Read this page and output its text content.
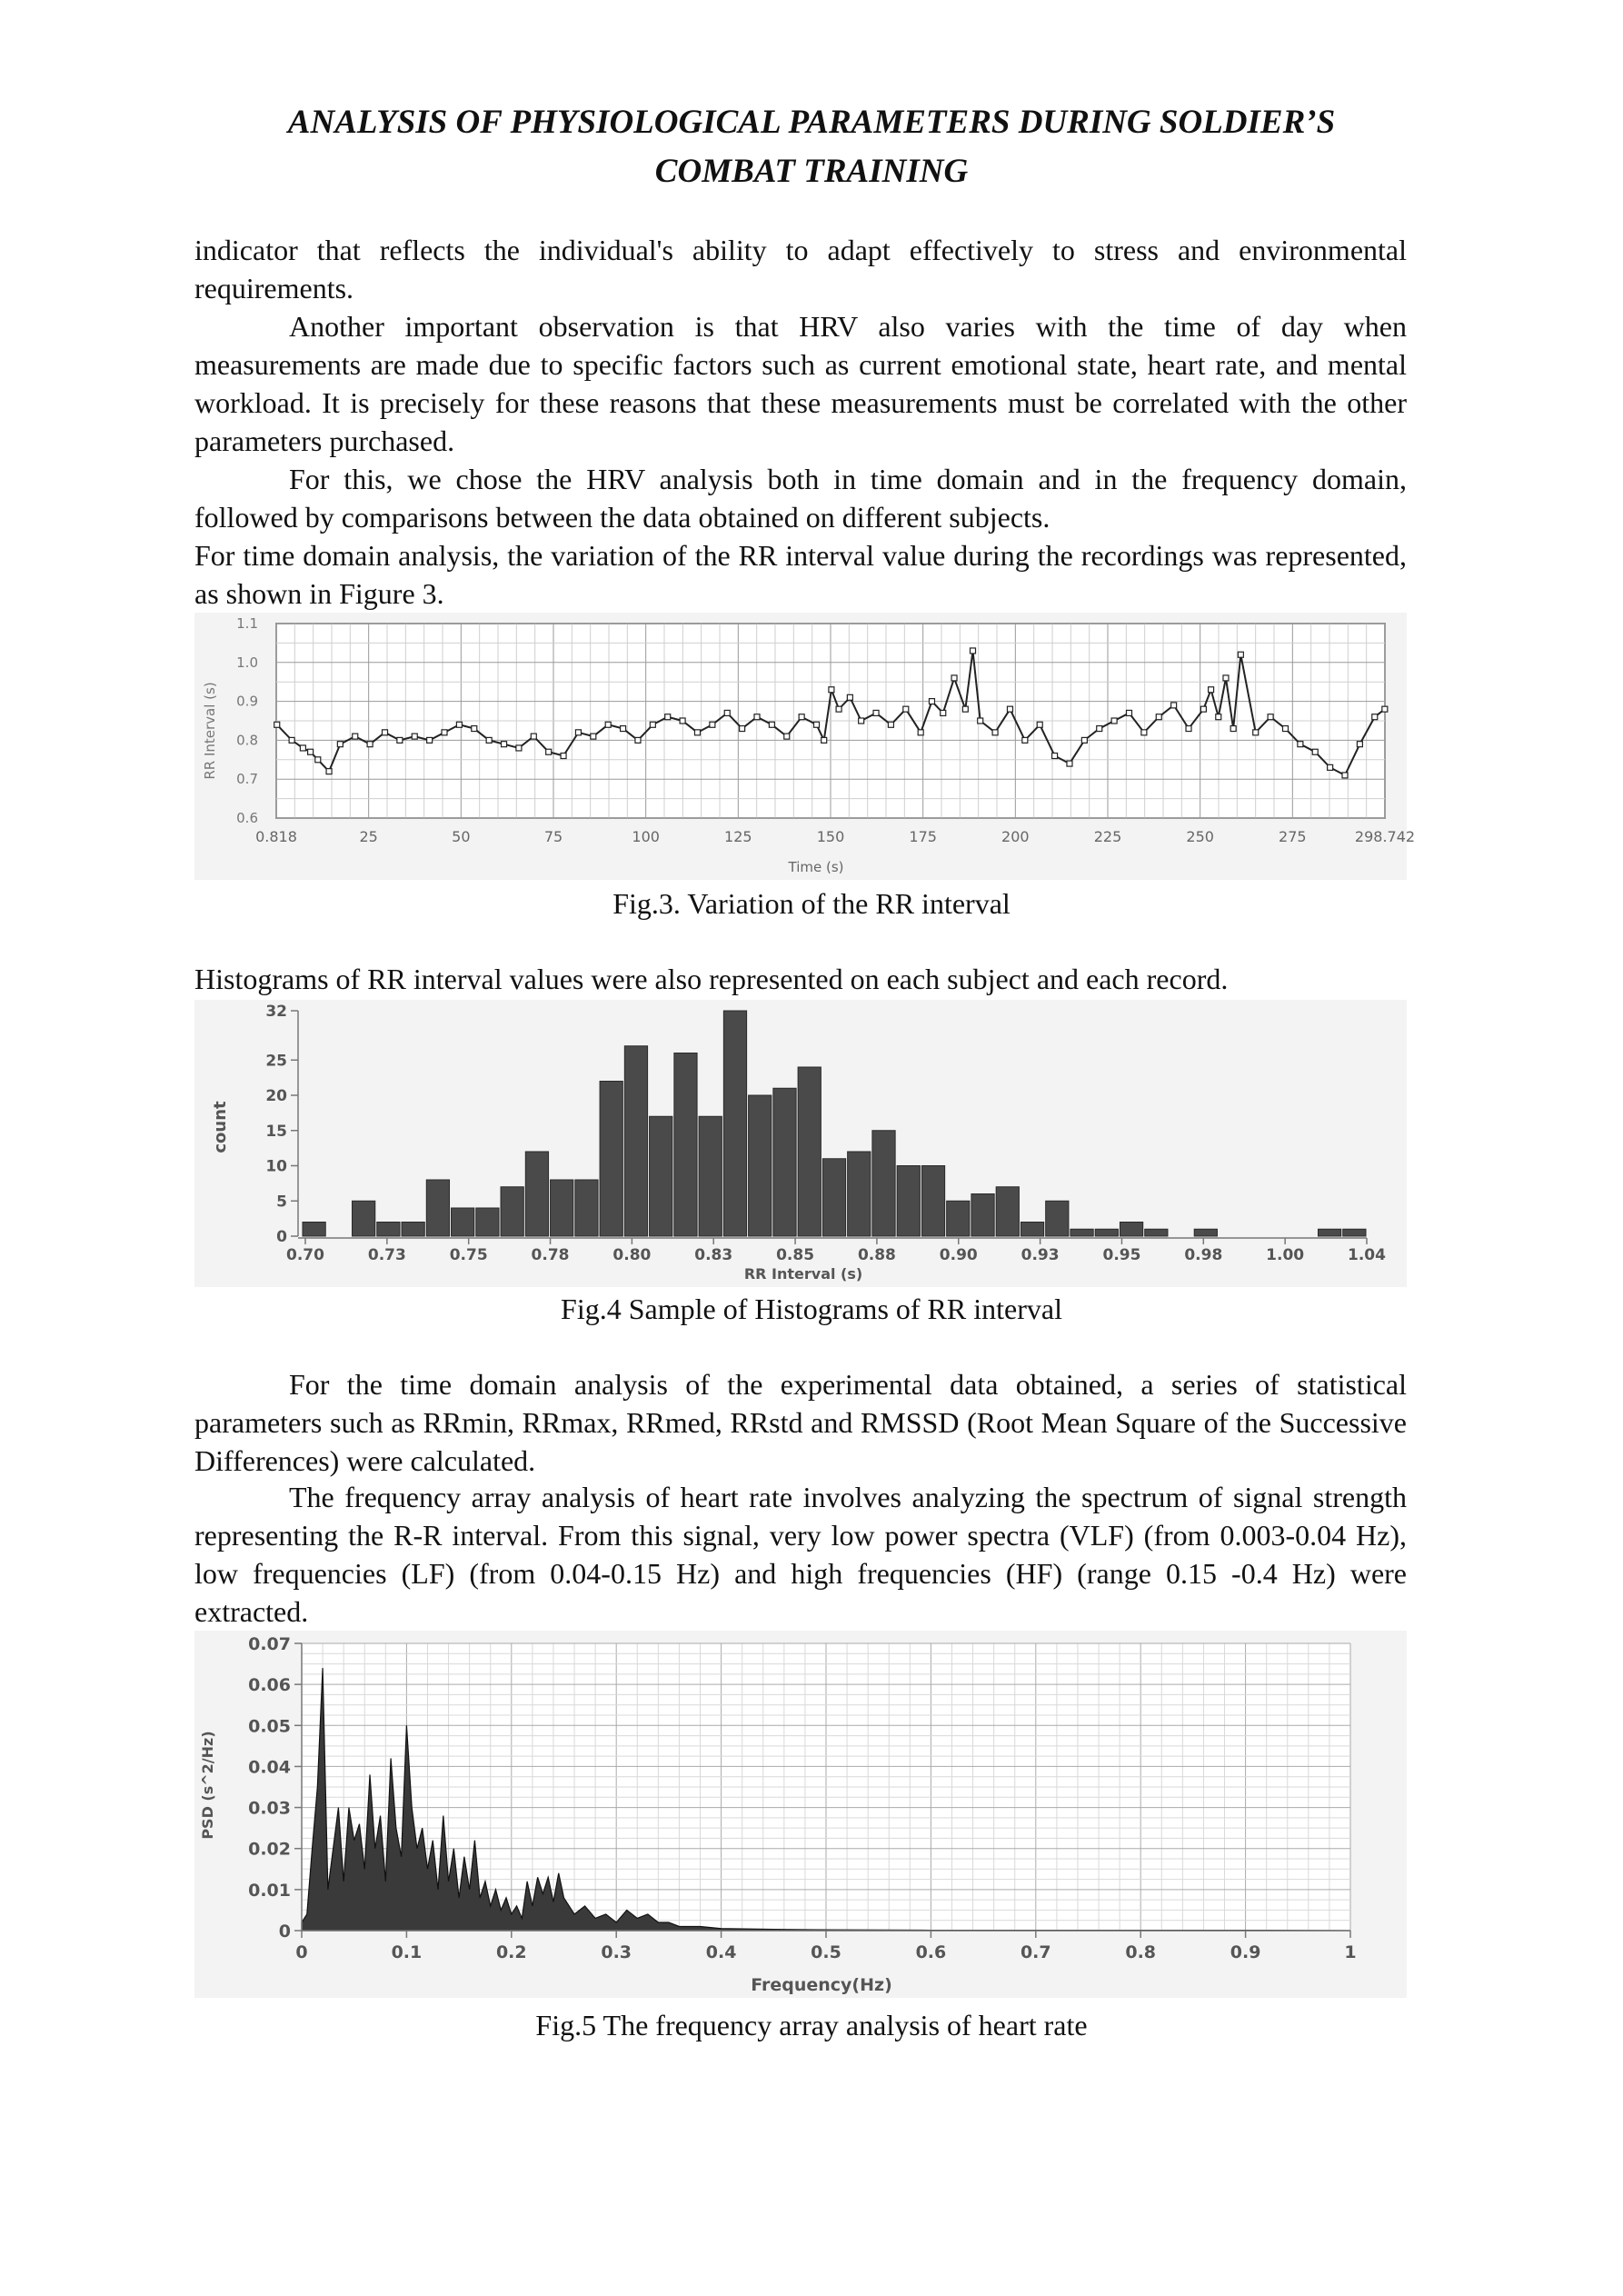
ANALYSIS OF PHYSIOLOGICAL PARAMETERS DURING SOLDIER’S
COMBAT TRAINING

indicator that reflects the individual's ability to adapt effectively to stress and environmental requirements.

Another important observation is that HRV also varies with the time of day when measurements are made due to specific factors such as current emotional state, heart rate, and mental workload. It is precisely for these reasons that these measurements must be correlated with the other parameters purchased.

For this, we chose the HRV analysis both in time domain and in the frequency domain, followed by comparisons between the data obtained on different subjects.

For time domain analysis, the variation of the RR interval value during the recordings was represented, as shown in Figure 3.

0.6
0.7
0.8
0.9
1.0
1.1
0.818	25	50	75	100	125	150	175	200	225	250	275	298.742
Time (s)
RR Interval (s)
Fig.3. Variation of the RR interval

Histograms of RR interval values were also represented on each subject and each record.

0
5
10
15
20
25
32
0.70	0.73	0.75	0.78	0.80	0.83	0.85	0.88	0.90	0.93	0.95	0.98	1.00	1.04
RR Interval (s)
count
Fig.4 Sample of Histograms of RR interval

For the time domain analysis of the experimental data obtained, a series of statistical parameters such as RRmin, RRmax, RRmed, RRstd and RMSSD (Root Mean Square of the Successive Differences) were calculated.

The frequency array analysis of heart rate involves analyzing the spectrum of signal strength representing the R-R interval. From this signal, very low power spectra (VLF) (from 0.003-0.04 Hz), low frequencies (LF) (from 0.04-0.15 Hz) and high frequencies (HF) (range 0.15 -0.4 Hz) were extracted.

0
0.01
0.02
0.03
0.04
0.05
0.06
0.07
0	0.1	0.2	0.3	0.4	0.5	0.6	0.7	0.8	0.9	1
Frequency(Hz)
PSD (s^2/Hz)
Fig.5 The frequency array analysis of heart rate
